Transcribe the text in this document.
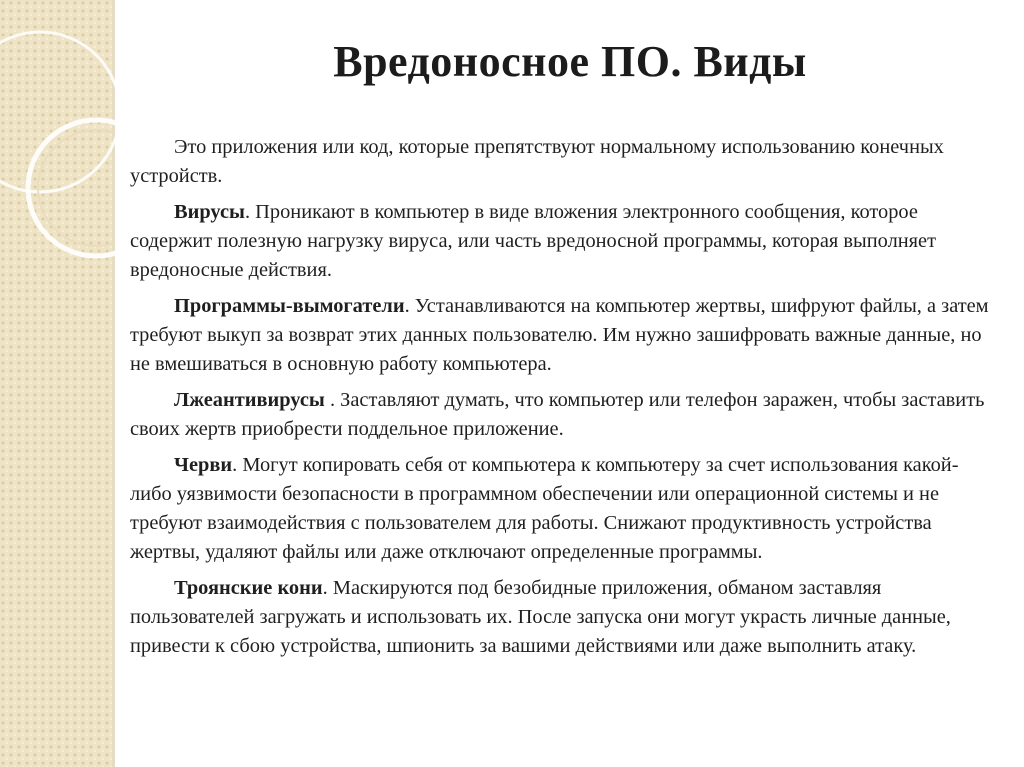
Вредоносное ПО. Виды

Это приложения или код, которые препятствуют нормальному использованию конечных устройств.

Вирусы. Проникают в компьютер в виде вложения электронного сообщения, которое содержит полезную нагрузку вируса, или часть вредоносной программы, которая выполняет вредоносные действия.

Программы-вымогатели. Устанавливаются на компьютер жертвы, шифруют файлы, а затем требуют выкуп за возврат этих данных пользователю. Им нужно зашифровать важные данные, но не вмешиваться в основную работу компьютера.

Лжеантивирусы . Заставляют думать, что компьютер или телефон заражен, чтобы заставить своих жертв приобрести поддельное приложение.

Черви. Могут копировать себя от компьютера к компьютеру за счет использования какой-либо уязвимости безопасности в программном обеспечении или операционной системы и не требуют взаимодействия с пользователем для работы. Снижают продуктивность устройства жертвы, удаляют файлы или даже отключают определенные программы.

Троянские кони. Маскируются под безобидные приложения, обманом заставляя пользователей загружать и использовать их. После запуска они могут украсть личные данные, привести к сбою устройства, шпионить за вашими действиями или даже выполнить атаку.
